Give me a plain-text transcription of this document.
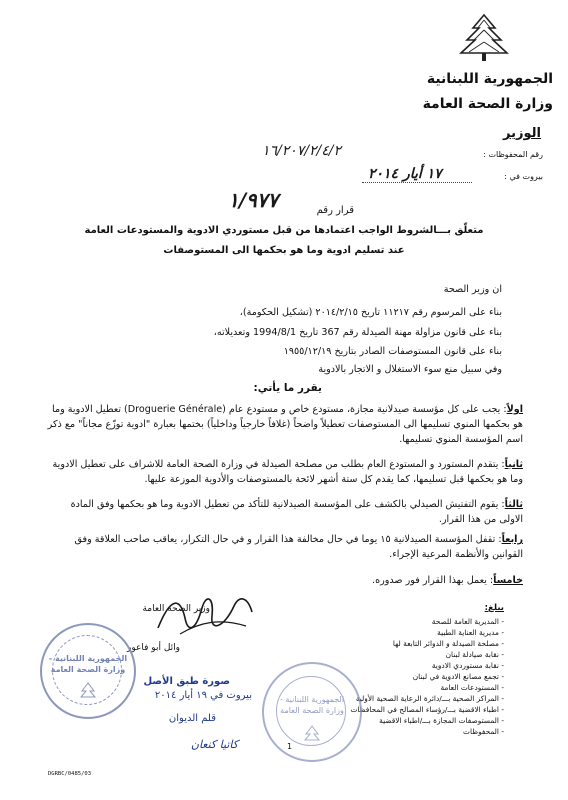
الجمهورية اللبنانية
وزارة الصحة العامة
الوزير
رقم المحفوظات :
١٦/٢٠٧/٢/٤/٢
بيروت في :
١٧ أيار ٢٠١٤
قرار رقم
١/٩٧٧
متعلّق بـــالشروط الواجب اعتمادها من قبل مستوردي الادوية والمستودعات العامة
عند تسليم ادوية وما هو بحكمها الى المستوصفات
ان وزير الصحة
بناء على المرسوم رقم ١١٢١٧ تاريخ ٢٠١٤/٢/١٥ (تشكيل الحكومة)،
بناء على قانون مزاولة مهنة الصيدلة رقم 367 تاريخ 1994/8/1 وتعديلاته،
بناء على قانون المستوصفات الصادر بتاريخ ١٩٥٥/١٢/١٩
وفي سبيل منع سوء الاستغلال و الاتجار بالادوية
يقرر ما يأتي:
اولاً: يجب على كل مؤسسة صيدلانية مجازة، مستودع خاص و مستودع عام (Droguerie Générale) تعطيل الادوية وما هو بحكمها المنوي تسليمها الى المستوصفات تعطيلاً واضحاً (غلافاً خارجياً وداخلياً) بختمها بعبارة "ادوية توزّع مجاناً" مع ذكر اسم المؤسسة المنوي تسليمها.
ثانياً: يتقدم المستورد و المستودع العام بطلب من مصلحة الصيدلة في وزارة الصحة العامة للاشراف على تعطيل الادوية وما هو بحكمها قبل تسليمها، كما يقدم كل ستة أشهر لائحة بالمستوصفات والأدوية الموزعة عليها.
ثالثاً: يقوم التفتيش الصيدلي بالكشف على المؤسسة الصيدلانية للتأكد من تعطيل الادوية وما هو بحكمها وفق المادة الاولى من هذا القرار.
رابعاً: تقفل المؤسسة الصيدلانية ١٥ يوما في حال مخالفة هذا القرار و في حال التكرار، يعاقب صاحب العلاقة وفق القوانين والأنظمة المرعية الإجراء.
خامساً: يعمل بهذا القرار فور صدوره.
يبلغ:
- المديرية العامة للصحة
- مديرية العناية الطبية
- مصلحة الصيدلة و الدوائر التابعة لها
- نقابة صيادلة لبنان
- نقابة مستوردي الادوية
- تجمع مصانع الادوية في لبنان
- المستودعات العامة
- المراكز الصحية بـــ/دائرة الرعاية الصحية الأولية
- اطباء الاقضية بـــ/رؤساء المصالح في المحافظات
- المستوصفات المجازة بـــ/اطباء الاقضية
- المحفوظات
وزير الصحة العامة
وائل أبو فاعور
الجمهورية اللبنانية - وزارة الصحة العامة
الجمهورية اللبنانية - وزارة الصحة العامة
صورة طبق الأصل
بيروت في ١٩ أيار ٢٠١٤
قلم الديوان
كاتيا كنعان
DGRBC/0485/03
1
